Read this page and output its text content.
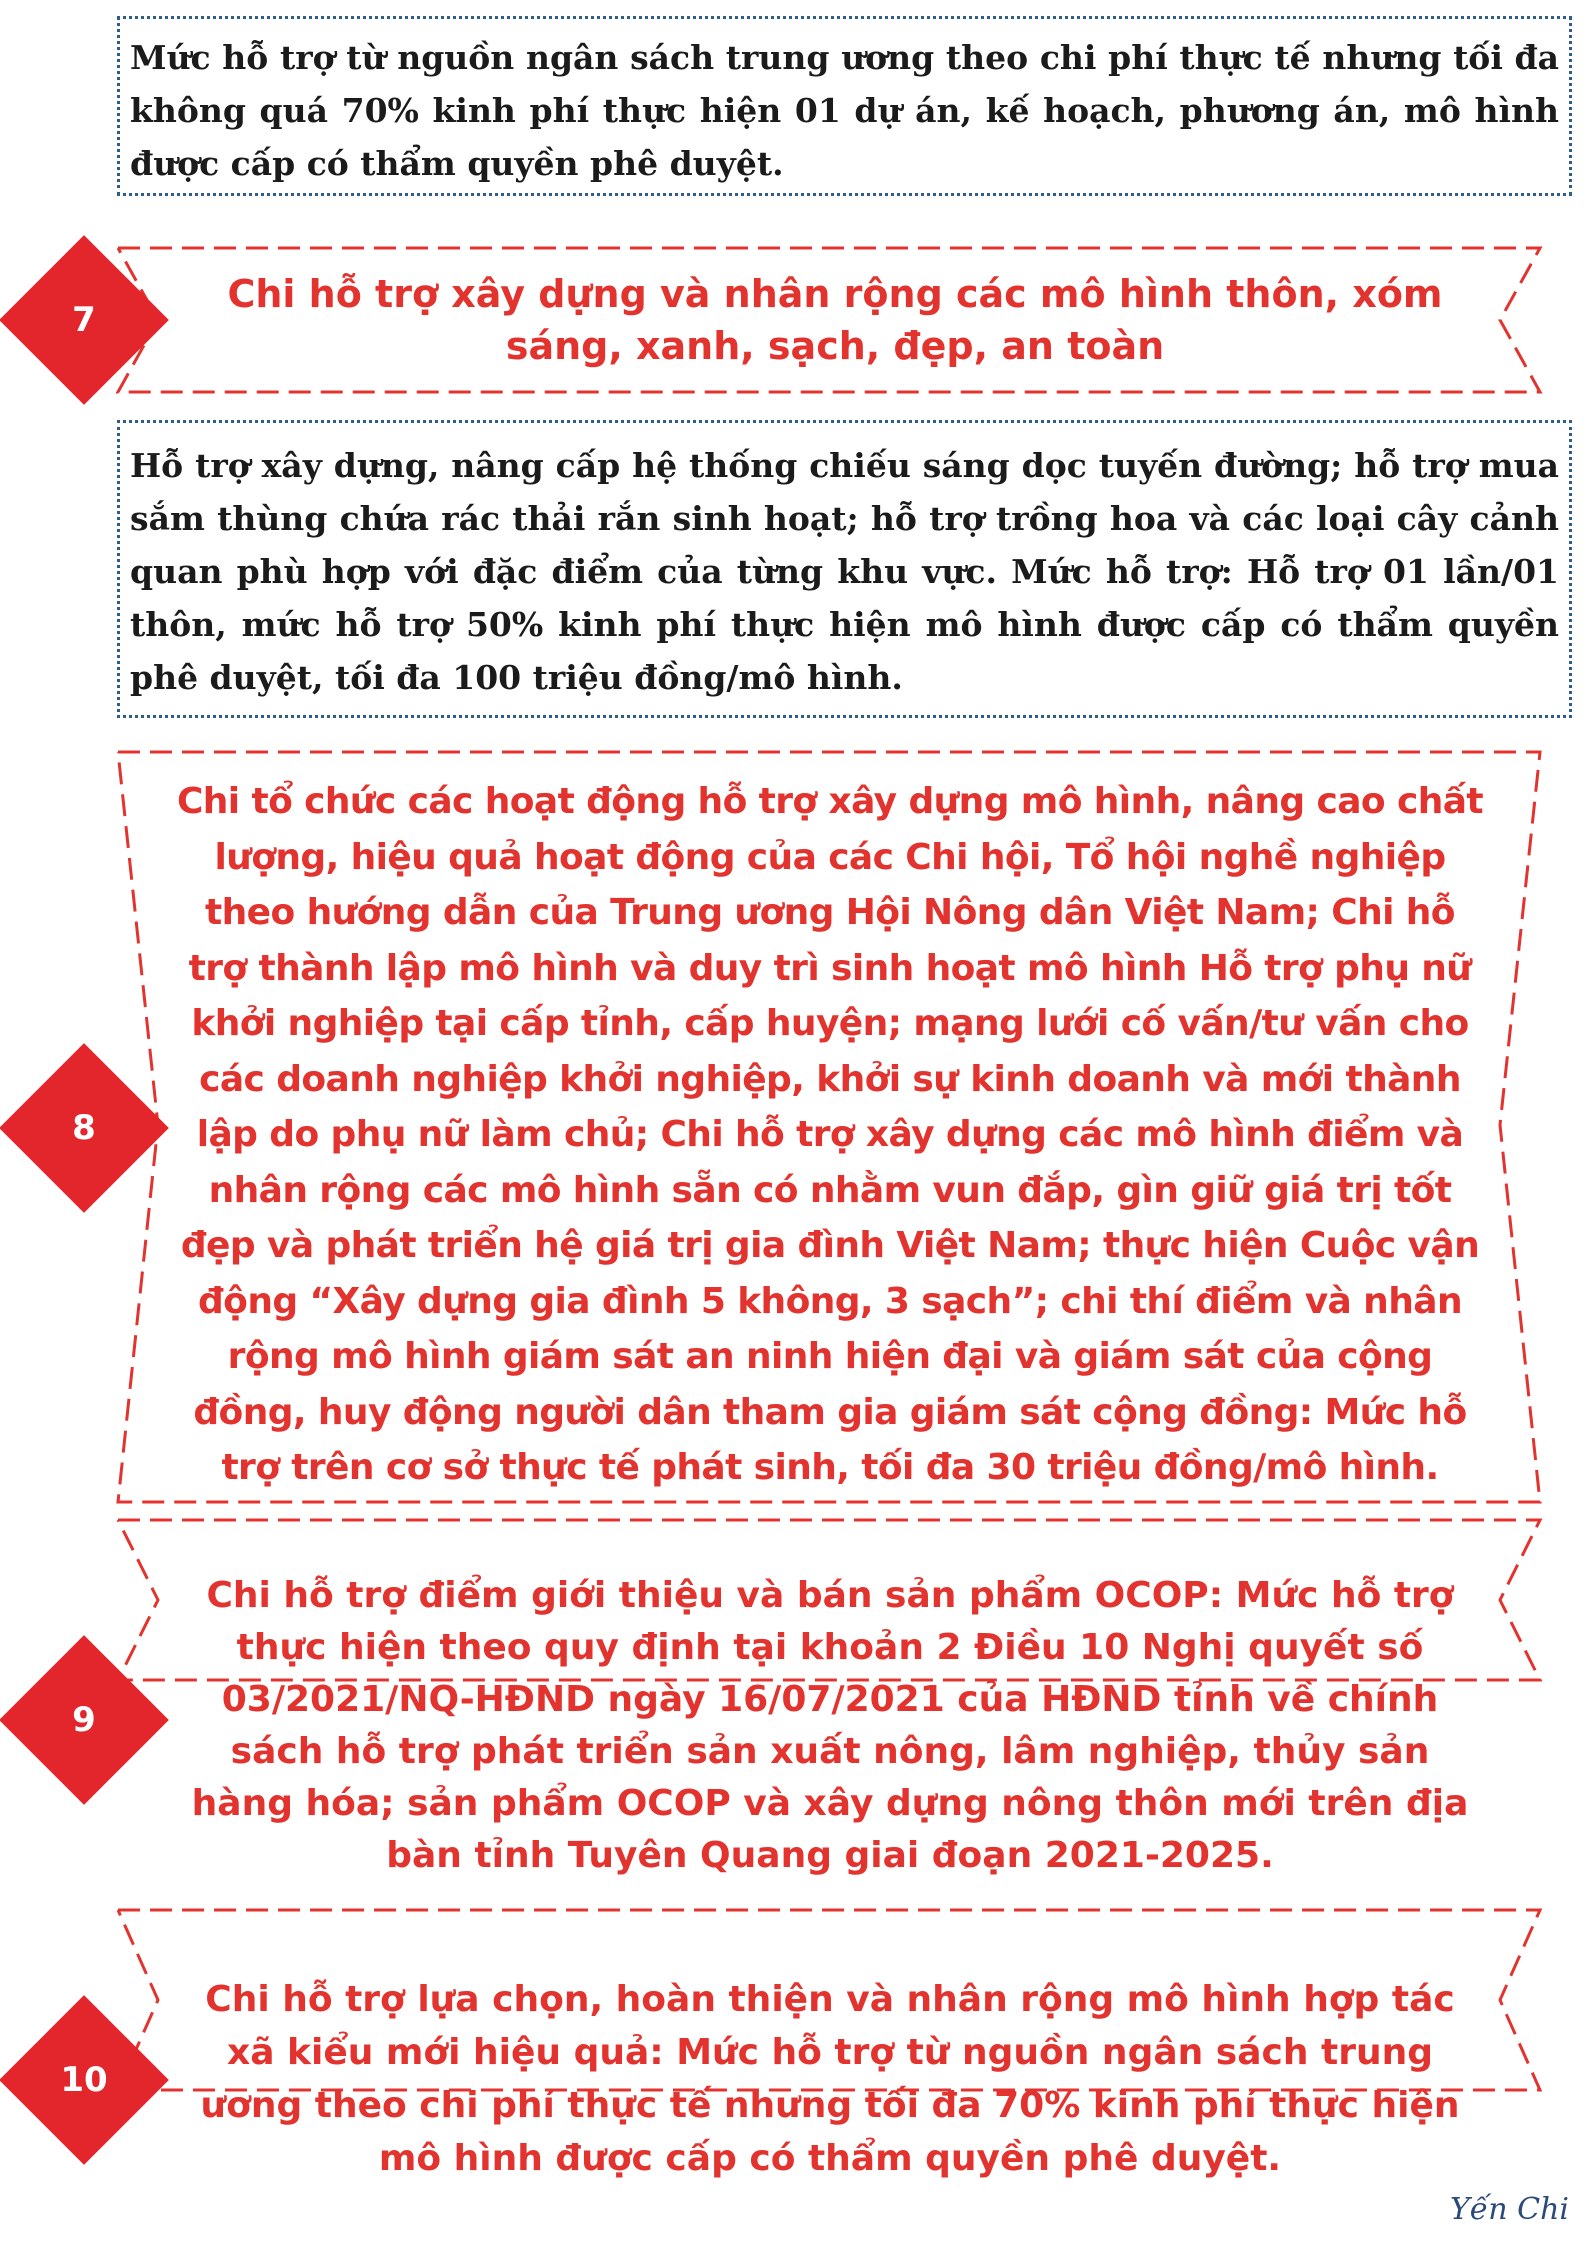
Mức hỗ trợ từ nguồn ngân sách trung ương theo chi phí thực tế nhưng tối đa không quá 70% kinh phí thực hiện 01 dự án, kế hoạch, phương án, mô hình được cấp có thẩm quyền phê duyệt.
7
Chi hỗ trợ xây dựng và nhân rộng các mô hình thôn, xóm sáng, xanh, sạch, đẹp, an toàn
Hỗ trợ xây dựng, nâng cấp hệ thống chiếu sáng dọc tuyến đường; hỗ trợ mua sắm thùng chứa rác thải rắn sinh hoạt; hỗ trợ trồng hoa và các loại cây cảnh quan phù hợp với đặc điểm của từng khu vực. Mức hỗ trợ: Hỗ trợ 01 lần/01 thôn, mức hỗ trợ 50% kinh phí thực hiện mô hình được cấp có thẩm quyền phê duyệt, tối đa 100 triệu đồng/mô hình.
8
Chi tổ chức các hoạt động hỗ trợ xây dựng mô hình, nâng cao chất lượng, hiệu quả hoạt động của các Chi hội, Tổ hội nghề nghiệp theo hướng dẫn của Trung ương Hội Nông dân Việt Nam; Chi hỗ trợ thành lập mô hình và duy trì sinh hoạt mô hình Hỗ trợ phụ nữ khởi nghiệp tại cấp tỉnh, cấp huyện; mạng lưới cố vấn/tư vấn cho các doanh nghiệp khởi nghiệp, khởi sự kinh doanh và mới thành lập do phụ nữ làm chủ; Chi hỗ trợ xây dựng các mô hình điểm và nhân rộng các mô hình sẵn có nhằm vun đắp, gìn giữ giá trị tốt đẹp và phát triển hệ giá trị gia đình Việt Nam; thực hiện Cuộc vận động “Xây dựng gia đình 5 không, 3 sạch”; chi thí điểm và nhân rộng mô hình giám sát an ninh hiện đại và giám sát của cộng đồng, huy động người dân tham gia giám sát cộng đồng: Mức hỗ trợ trên cơ sở thực tế phát sinh, tối đa 30 triệu đồng/mô hình.
9
Chi hỗ trợ điểm giới thiệu và bán sản phẩm OCOP: Mức hỗ trợ thực hiện theo quy định tại khoản 2 Điều 10 Nghị quyết số 03/2021/NQ-HĐND ngày 16/07/2021 của HĐND tỉnh về chính sách hỗ trợ phát triển sản xuất nông, lâm nghiệp, thủy sản hàng hóa; sản phẩm OCOP và xây dựng nông thôn mới trên địa bàn tỉnh Tuyên Quang giai đoạn 2021-2025.
10
Chi hỗ trợ lựa chọn, hoàn thiện và nhân rộng mô hình hợp tác xã kiểu mới hiệu quả: Mức hỗ trợ từ nguồn ngân sách trung ương theo chi phí thực tế nhưng tối đa 70% kinh phí thực hiện mô hình được cấp có thẩm quyền phê duyệt.
Yến Chi
